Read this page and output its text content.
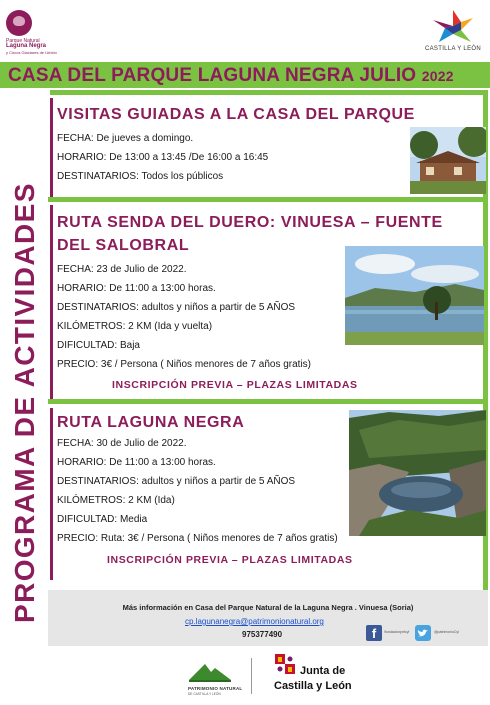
Parque Natural
Laguna Negra
y Circos Glaciares de Urbión
CASTILLA Y LEÓN
CASA DEL PARQUE LAGUNA NEGRA JULIO 2022
PROGRAMA DE ACTIVIDADES
VISITAS GUIADAS A LA CASA DEL PARQUE
FECHA: De jueves a domingo.
HORARIO: De 13:00 a 13:45 /De 16:00 a 16:45
DESTINATARIOS: Todos los públicos
RUTA SENDA DEL DUERO: VINUESA – FUENTE
DEL SALOBRAL
FECHA: 23 de Julio de 2022.
HORARIO: De 11:00 a 13:00 horas.
DESTINATARIOS: adultos y niños a partir de 5 AÑOS
KILÓMETROS: 2 KM (Ida y vuelta)
DIFICULTAD: Baja
PRECIO: 3€ / Persona ( Niños menores de 7 años gratis)
INSCRIPCIÓN PREVIA – PLAZAS LIMITADAS
RUTA LAGUNA NEGRA
FECHA: 30 de Julio de 2022.
HORARIO: De 11:00 a 13:00 horas.
DESTINATARIOS: adultos y niños a partir de 5 AÑOS
KILÓMETROS: 2 KM (Ida)
DIFICULTAD: Media
PRECIO: Ruta: 3€ / Persona ( Niños menores de 7 años gratis)
INSCRIPCIÓN PREVIA – PLAZAS LIMITADAS
Más información en Casa del Parque Natural de la Laguna Negra . Vinuesa (Soria)
cp.lagunanegra@patrimonionatural.org
975377490	f	/fundacionpnfcyl	@patrimonioCyl
PATRIMONIO NATURAL
DE CASTILLA Y LEÓN
Junta de
Castilla y León
